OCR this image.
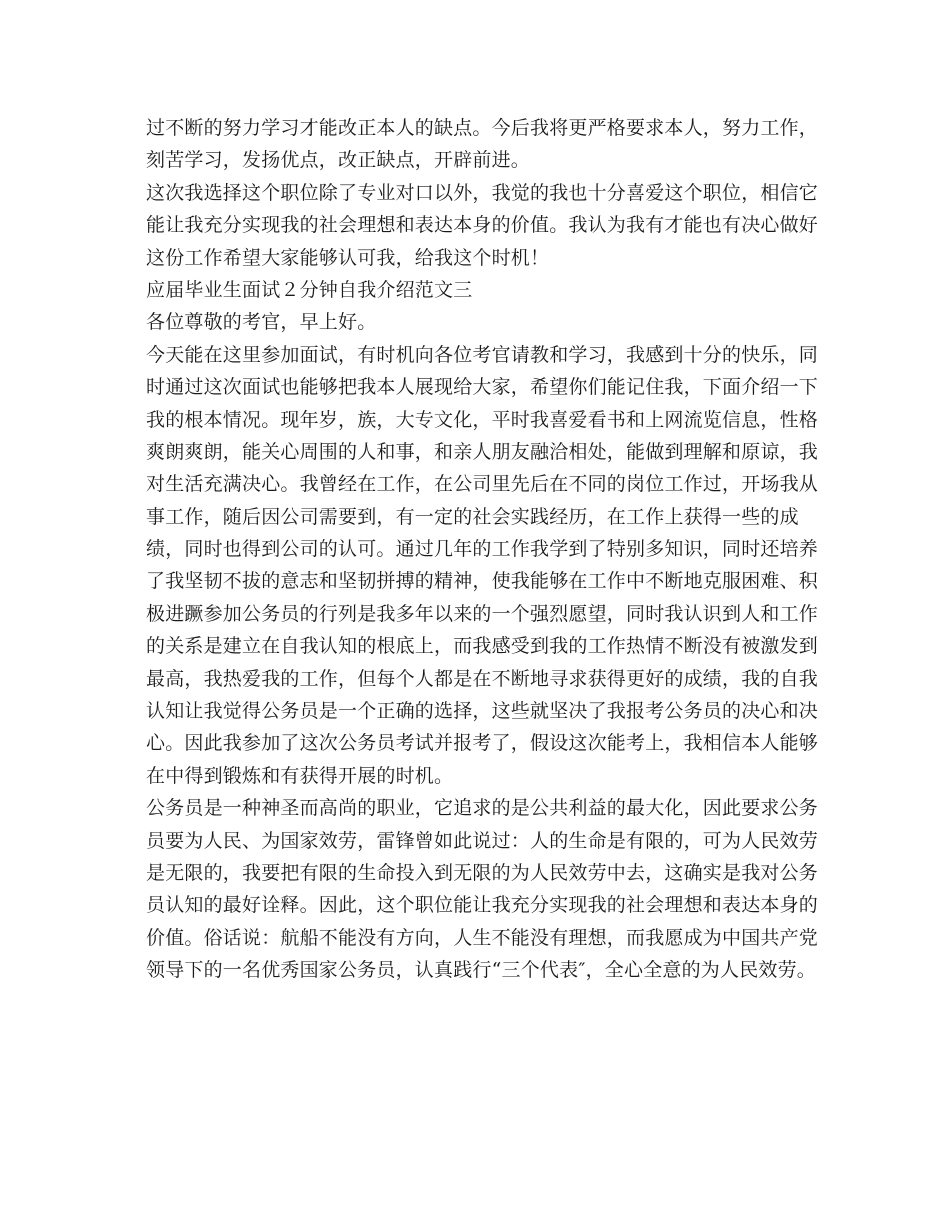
过不断的努力学习才能改正本人的缺点。今后我将更严格要求本人，努力工作，
刻苦学习，发扬优点，改正缺点，开辟前进。
这次我选择这个职位除了专业对口以外，我觉的我也十分喜爱这个职位，相信它
能让我充分实现我的社会理想和表达本身的价值。我认为我有才能也有决心做好
这份工作希望大家能够认可我，给我这个时机！
应届毕业生面试２分钟自我介绍范文三
各位尊敬的考官，早上好。
今天能在这里参加面试，有时机向各位考官请教和学习，我感到十分的快乐，同
时通过这次面试也能够把我本人展现给大家，希望你们能记住我，下面介绍一下
我的根本情况。现年岁，族，大专文化，平时我喜爱看书和上网流览信息，性格
爽朗爽朗，能关心周围的人和事，和亲人朋友融洽相处，能做到理解和原谅，我
对生活充满决心。我曾经在工作，在公司里先后在不同的岗位工作过，开场我从
事工作，随后因公司需要到，有一定的社会实践经历，在工作上获得一些的成
绩，同时也得到公司的认可。通过几年的工作我学到了特别多知识，同时还培养
了我坚韧不拔的意志和坚韧拼搏的精神，使我能够在工作中不断地克服困难、积
极进蹶参加公务员的行列是我多年以来的一个强烈愿望，同时我认识到人和工作
的关系是建立在自我认知的根底上，而我感受到我的工作热情不断没有被激发到
最高，我热爱我的工作，但每个人都是在不断地寻求获得更好的成绩，我的自我
认知让我觉得公务员是一个正确的选择，这些就坚决了我报考公务员的决心和决
心。因此我参加了这次公务员考试并报考了，假设这次能考上，我相信本人能够
在中得到锻炼和有获得开展的时机。
公务员是一种神圣而高尚的职业，它追求的是公共利益的最大化，因此要求公务
员要为人民、为国家效劳，雷锋曾如此说过：人的生命是有限的，可为人民效劳
是无限的，我要把有限的生命投入到无限的为人民效劳中去，这确实是我对公务
员认知的最好诠释。因此，这个职位能让我充分实现我的社会理想和表达本身的
价值。俗话说：航船不能没有方向，人生不能没有理想，而我愿成为中国共产党
领导下的一名优秀国家公务员，认真践行“三个代表″，全心全意的为人民效劳。
